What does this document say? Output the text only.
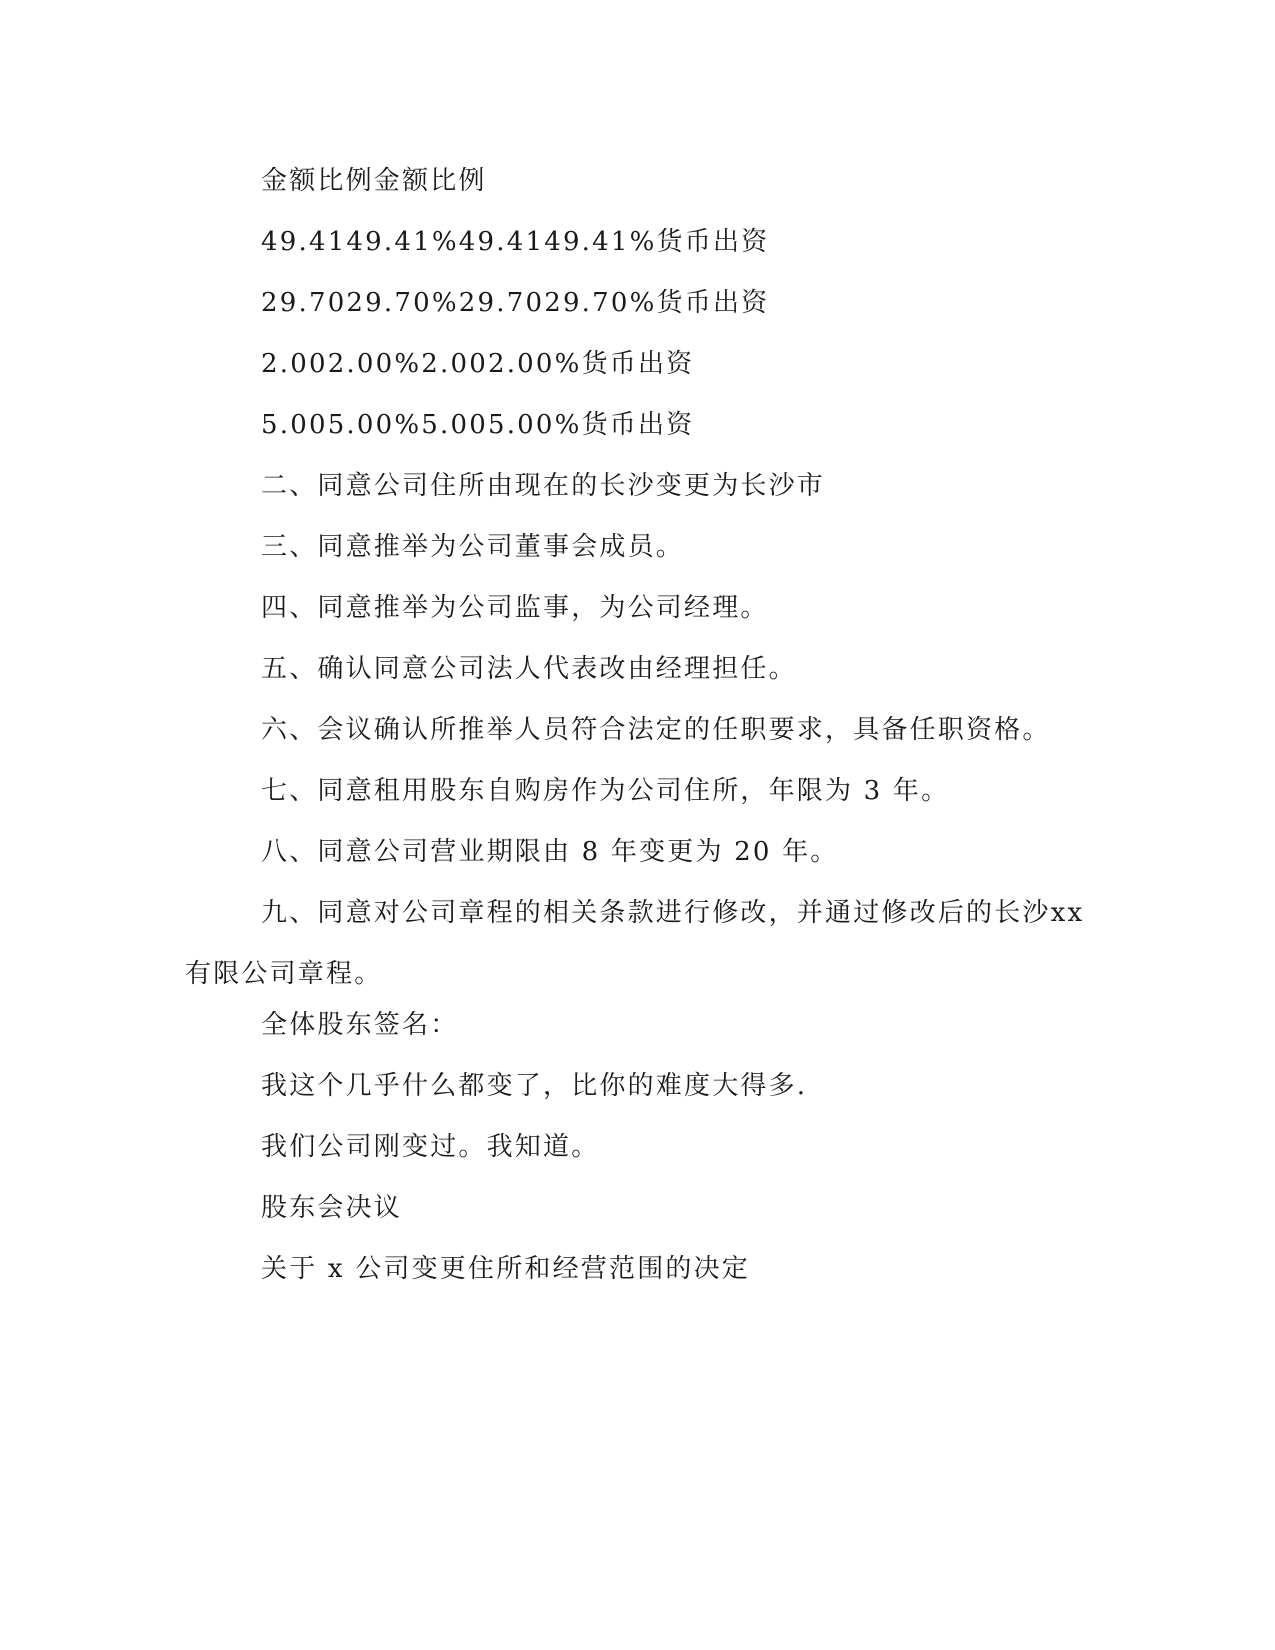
金额比例金额比例
49.4149.41%49.4149.41%货币出资
29.7029.70%29.7029.70%货币出资
2.002.00%2.002.00%货币出资
5.005.00%5.005.00%货币出资
二、同意公司住所由现在的长沙变更为长沙市
三、同意推举为公司董事会成员。
四、同意推举为公司监事，为公司经理。
五、确认同意公司法人代表改由经理担任。
六、会议确认所推举人员符合法定的任职要求，具备任职资格。
七、同意租用股东自购房作为公司住所，年限为 3 年。
八、同意公司营业期限由 8 年变更为 20 年。
九、同意对公司章程的相关条款进行修改，并通过修改后的长沙xx 有限公司章程。
全体股东签名：
我这个几乎什么都变了，比你的难度大得多.
我们公司刚变过。我知道。
股东会决议
关于 x 公司变更住所和经营范围的决定
